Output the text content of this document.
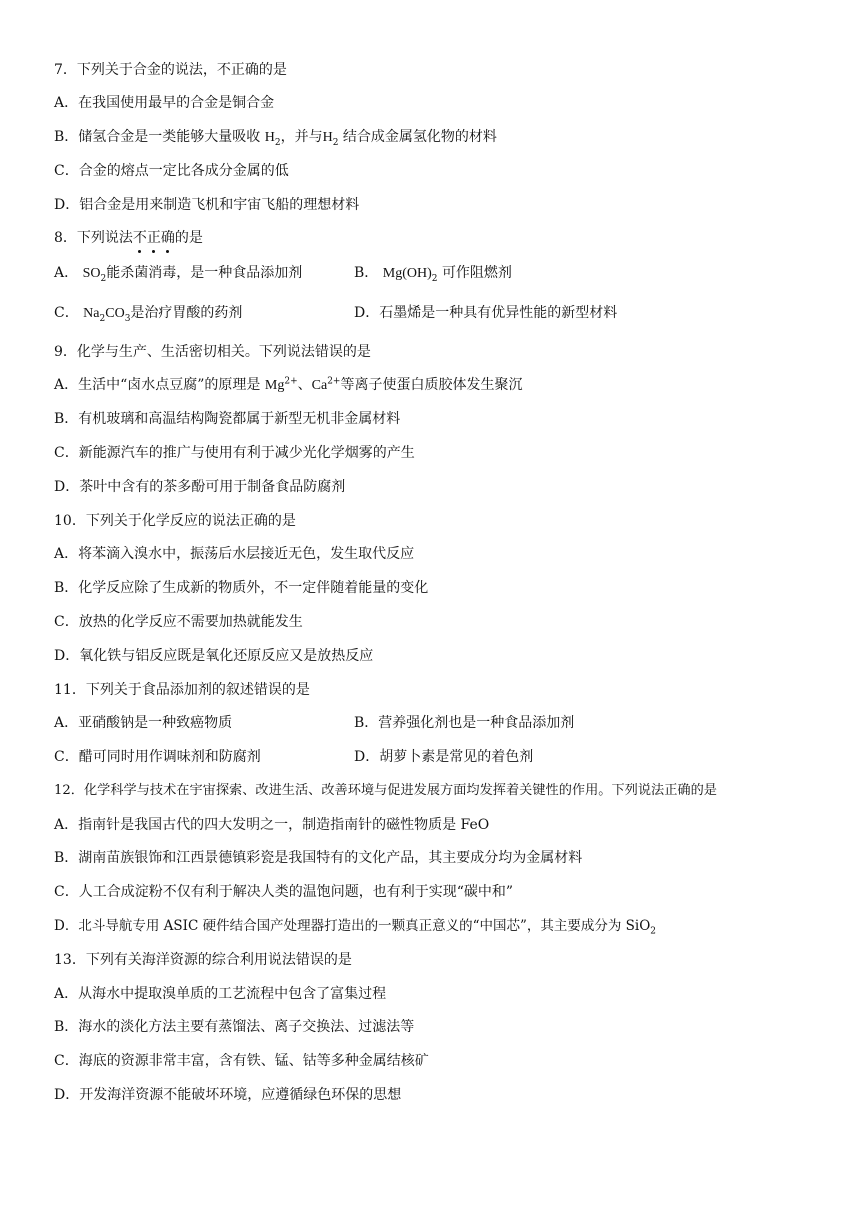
7．下列关于合金的说法，不正确的是
A．在我国使用最早的合金是铜合金
B．储氢合金是一类能够大量吸收 $H_2$，并与$H_2$ 结合成金属氢化物的材料
C．合金的熔点一定比各成分金属的低
D．铝合金是用来制造飞机和宇宙飞船的理想材料
8．下列说法不正确的是
A． $SO_2$能杀菌消毒，是一种食品添加剂	B． $Mg(OH)_2$ 可作阻燃剂
C． $Na_2CO_3$是治疗胃酸的药剂	D．石墨烯是一种具有优异性能的新型材料
9．化学与生产、生活密切相关。下列说法错误的是
A．生活中“卤水点豆腐”的原理是 $Mg^{2+}$、$Ca^{2+}$等离子使蛋白质胶体发生聚沉
B．有机玻璃和高温结构陶瓷都属于新型无机非金属材料
C．新能源汽车的推广与使用有利于减少光化学烟雾的产生
D．茶叶中含有的茶多酚可用于制备食品防腐剂
10．下列关于化学反应的说法正确的是
A．将苯滴入溴水中，振荡后水层接近无色，发生取代反应
B．化学反应除了生成新的物质外，不一定伴随着能量的变化
C．放热的化学反应不需要加热就能发生
D．氧化铁与铝反应既是氧化还原反应又是放热反应
11．下列关于食品添加剂的叙述错误的是
A．亚硝酸钠是一种致癌物质	B．营养强化剂也是一种食品添加剂
C．醋可同时用作调味剂和防腐剂	D．胡萝卜素是常见的着色剂
12．化学科学与技术在宇宙探索、改进生活、改善环境与促进发展方面均发挥着关键性的作用。下列说法正确的是
A．指南针是我国古代的四大发明之一，制造指南针的磁性物质是 FeO
B．湖南苗族银饰和江西景德镇彩瓷是我国特有的文化产品，其主要成分均为金属材料
C．人工合成淀粉不仅有利于解决人类的温饱问题，也有利于实现“碳中和”
D．北斗导航专用 ASIC 硬件结合国产处理器打造出的一颗真正意义的“中国芯”，其主要成分为 SiO$_2$
13．下列有关海洋资源的综合利用说法错误的是
A．从海水中提取溴单质的工艺流程中包含了富集过程
B．海水的淡化方法主要有蒸馏法、离子交换法、过滤法等
C．海底的资源非常丰富，含有铁、锰、钴等多种金属结核矿
D．开发海洋资源不能破坏环境，应遵循绿色环保的思想
